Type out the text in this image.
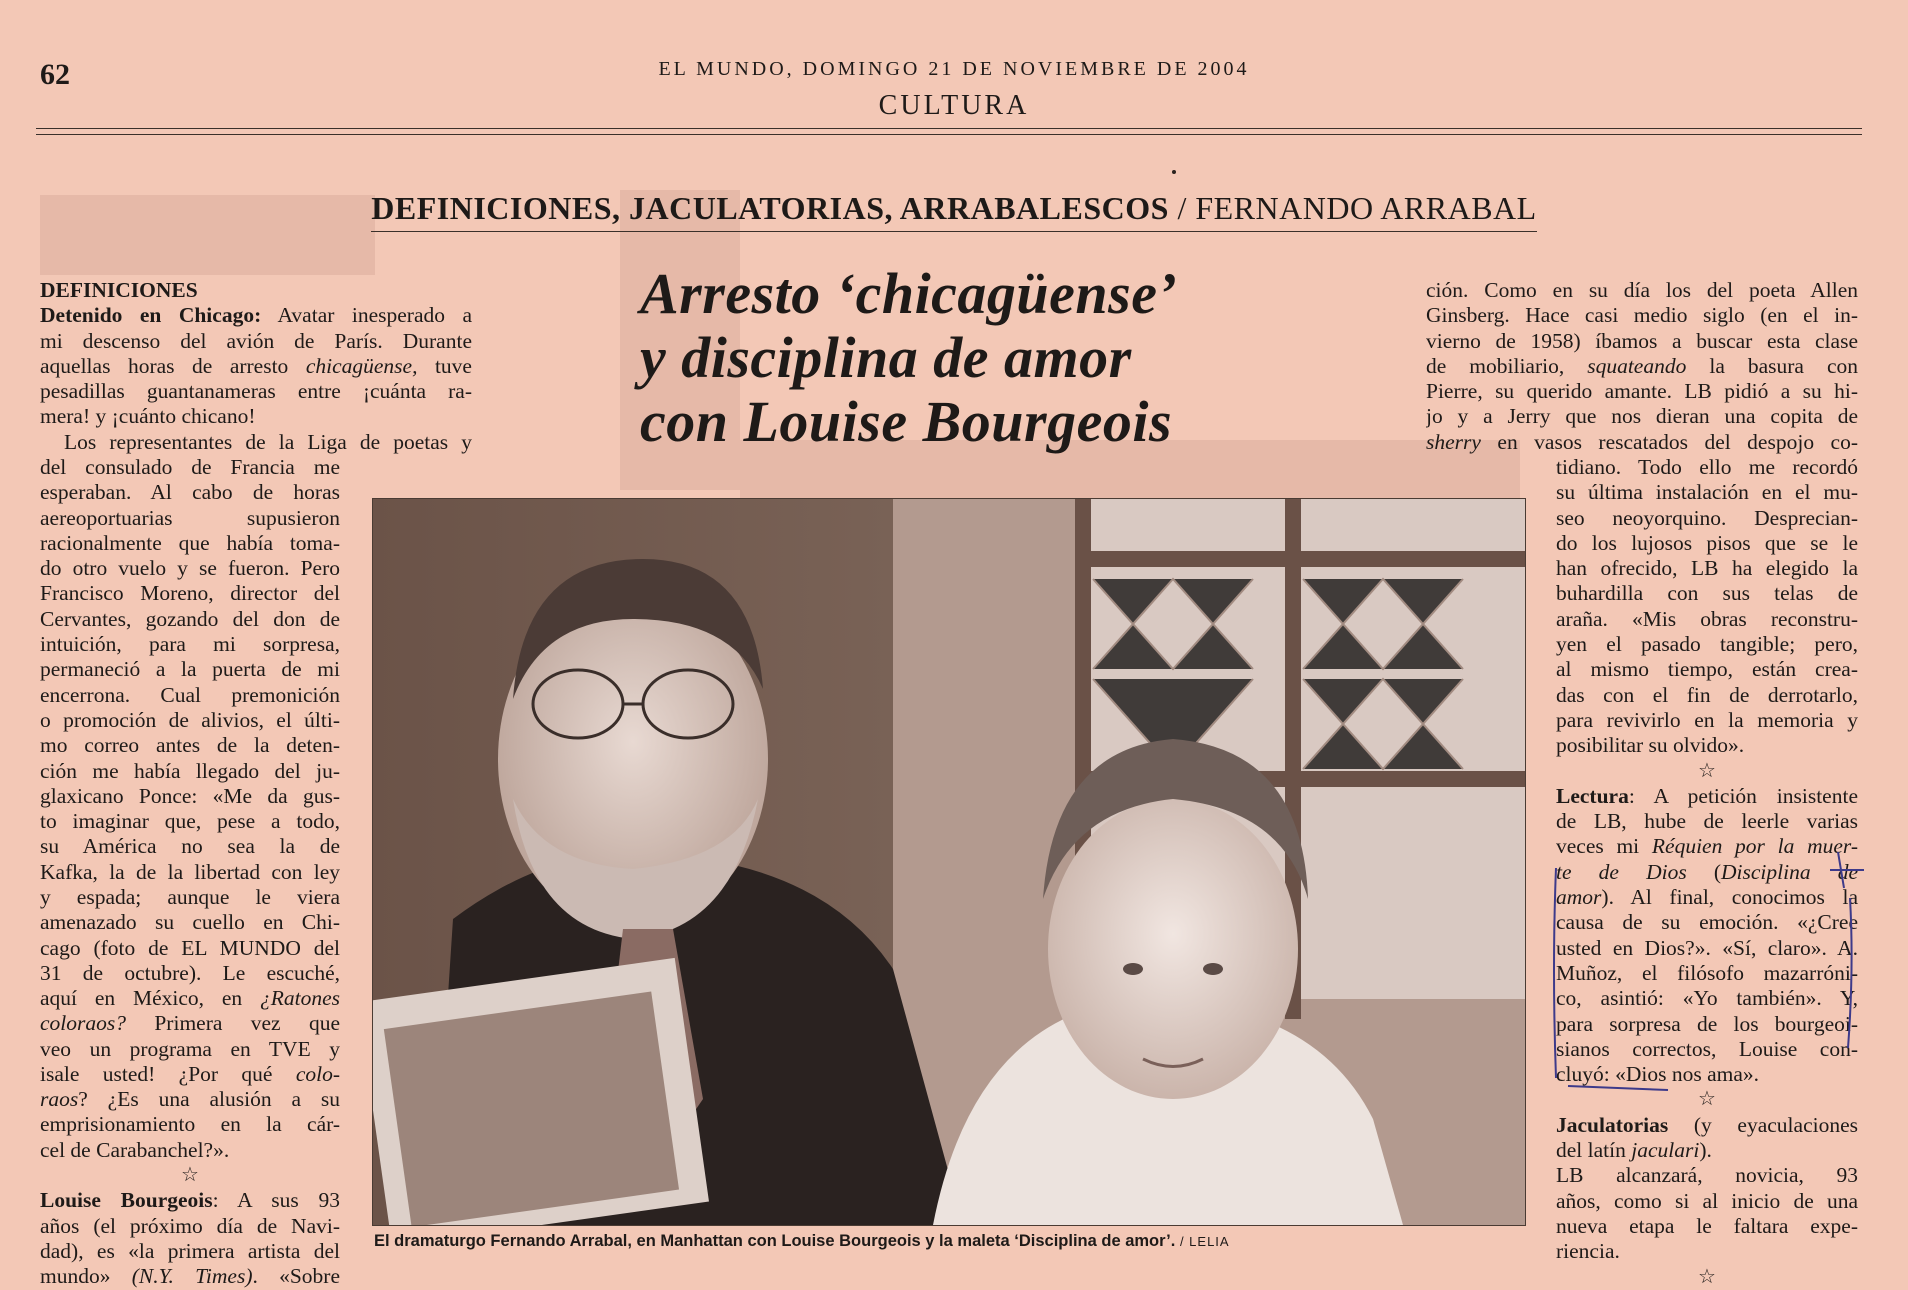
62	EL MUNDO, DOMINGO 21 DE NOVIEMBRE DE 2004
CULTURA
DEFINICIONES, JACULATORIAS, ARRABALESCOS / FERNANDO ARRABAL
Arresto ‘chicagüense’
y disciplina de amor
con Louise Bourgeois
DEFINICIONES
Detenido en Chicago: Avatar inesperado a
mi descenso del avión de París. Durante
aquellas horas de arresto chicagüense, tuve
pesadillas guantanameras entre ¡cuánta ra-
mera! y ¡cuánto chicano!
Los representantes de la Liga de poetas y
del consulado de Francia me
esperaban. Al cabo de horas
aereoportuarias supusieron
racionalmente que había toma-
do otro vuelo y se fueron. Pero
Francisco Moreno, director del
Cervantes, gozando del don de
intuición, para mi sorpresa,
permaneció a la puerta de mi
encerrona. Cual premonición
o promoción de alivios, el últi-
mo correo antes de la deten-
ción me había llegado del ju-
glaxicano Ponce: «Me da gus-
to imaginar que, pese a todo,
su América no sea la de
Kafka, la de la libertad con ley
y espada; aunque le viera
amenazado su cuello en Chi-
cago (foto de EL MUNDO del
31 de octubre). Le escuché,
aquí en México, en ¿Ratones
coloraos? Primera vez que
veo un programa en TVE y
isale usted! ¿Por qué colo-
raos? ¿Es una alusión a su
emprisionamiento en la cár-
cel de Carabanchel?».
☆
Louise Bourgeois: A sus 93
años (el próximo día de Navi-
dad), es «la primera artista del
mundo» (N.Y. Times). «Sobre
ción. Como en su día los del poeta Allen
Ginsberg. Hace casi medio siglo (en el in-
vierno de 1958) íbamos a buscar esta clase
de mobiliario, squateando la basura con
Pierre, su querido amante. LB pidió a su hi-
jo y a Jerry que nos dieran una copita de
sherry en vasos rescatados del despojo co-
tidiano. Todo ello me recordó
su última instalación en el mu-
seo neoyorquino. Desprecian-
do los lujosos pisos que se le
han ofrecido, LB ha elegido la
buhardilla con sus telas de
araña. «Mis obras reconstru-
yen el pasado tangible; pero,
al mismo tiempo, están crea-
das con el fin de derrotarlo,
para revivirlo en la memoria y
posibilitar su olvido».
☆
Lectura: A petición insistente
de LB, hube de leerle varias
veces mi Réquien por la muer-
te de Dios (Disciplina de
amor). Al final, conocimos la
causa de su emoción. «¿Cree
usted en Dios?». «Sí, claro». A.
Muñoz, el filósofo mazarróni-
co, asintió: «Yo también». Y,
para sorpresa de los bourgeoi-
sianos correctos, Louise con-
cluyó: «Dios nos ama».
☆
Jaculatorias (y eyaculaciones
del latín jaculari).
LB alcanzará, novicia, 93
años, como si al inicio de una
nueva etapa le faltara expe-
riencia.
☆
El dramaturgo Fernando Arrabal, en Manhattan con Louise Bourgeois y la maleta ‘Disciplina de amor’. / LELIA
